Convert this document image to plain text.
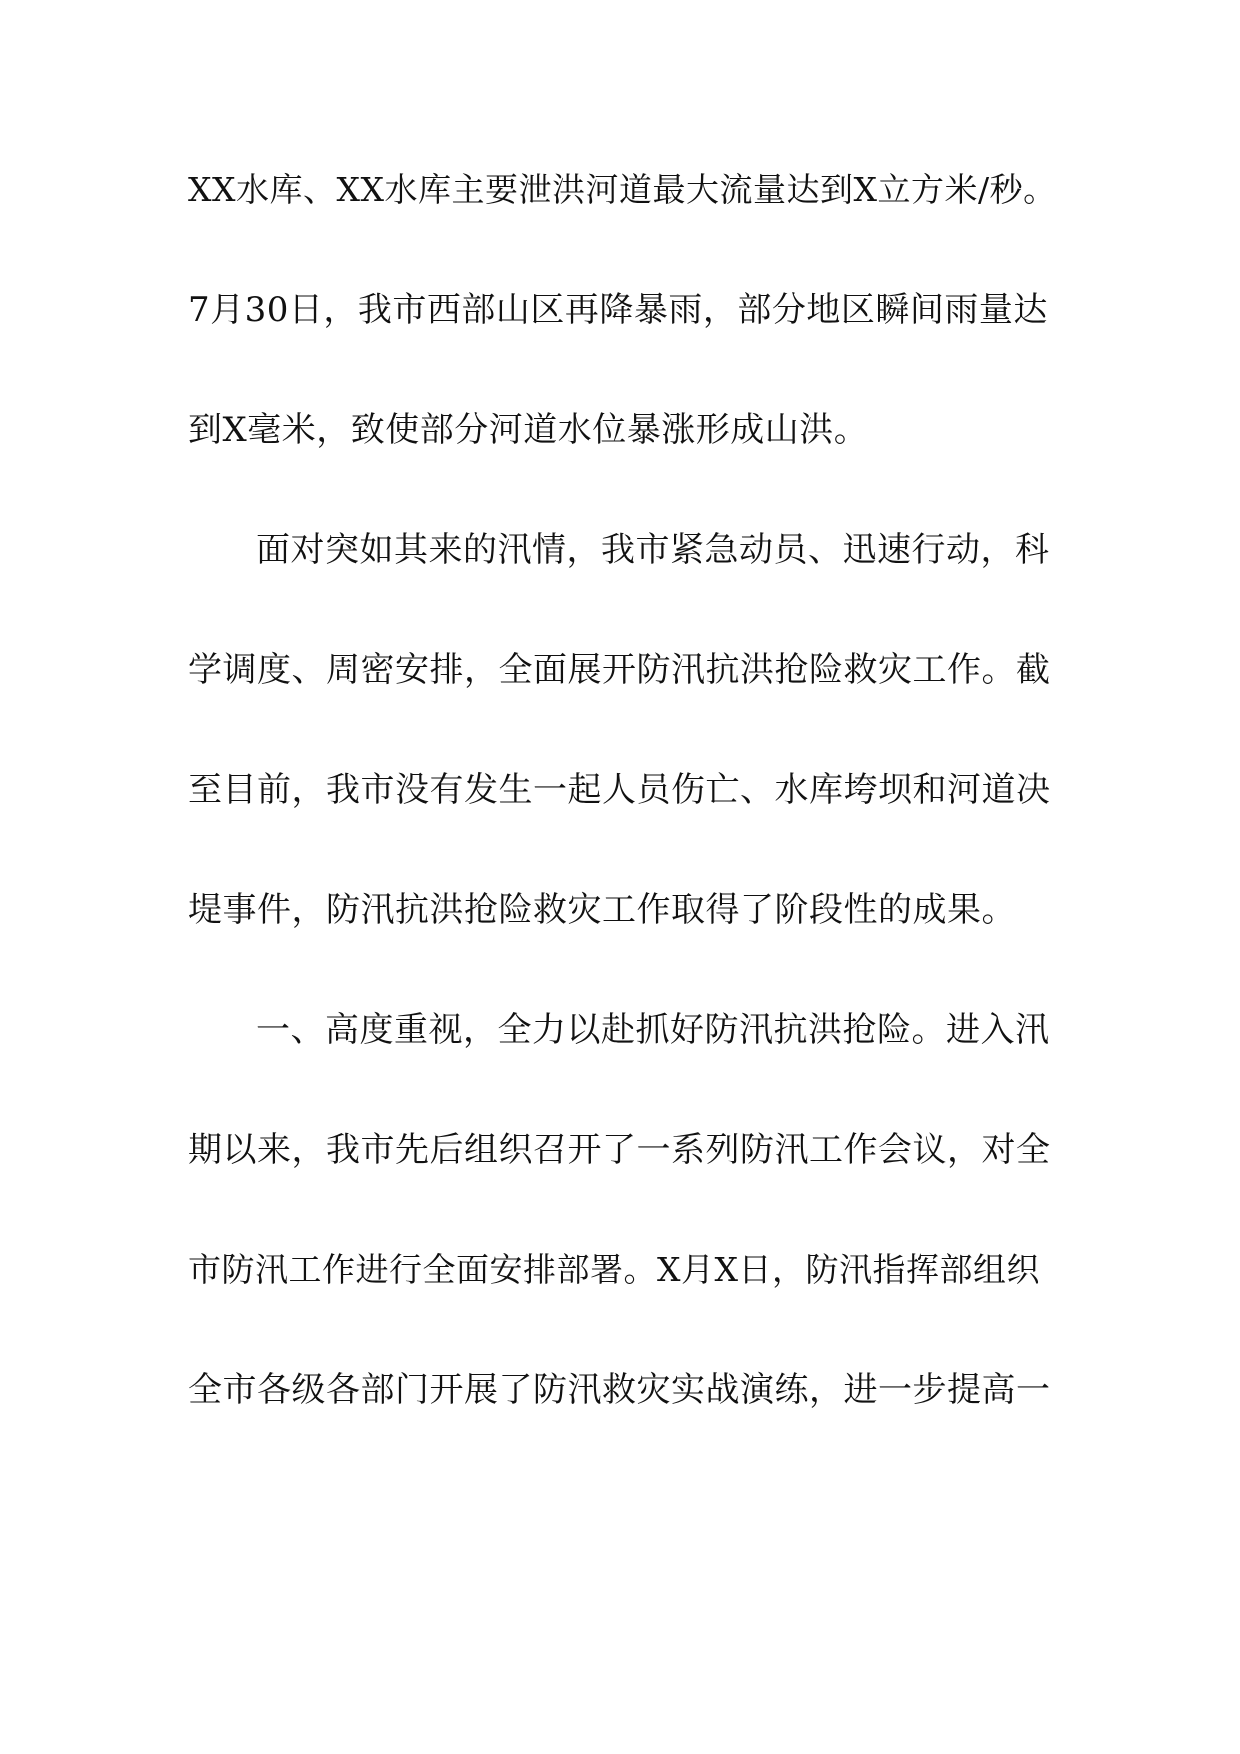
XX水库、XX水库主要泄洪河道最大流量达到X立方米/秒。
7月30日，我市西部山区再降暴雨，部分地区瞬间雨量达
到X毫米，致使部分河道水位暴涨形成山洪。
面对突如其来的汛情，我市紧急动员、迅速行动，科
学调度、周密安排，全面展开防汛抗洪抢险救灾工作。截
至目前，我市没有发生一起人员伤亡、水库垮坝和河道决
堤事件，防汛抗洪抢险救灾工作取得了阶段性的成果。
一、高度重视，全力以赴抓好防汛抗洪抢险。进入汛
期以来，我市先后组织召开了一系列防汛工作会议，对全
市防汛工作进行全面安排部署。X月X日，防汛指挥部组织
全市各级各部门开展了防汛救灾实战演练，进一步提高一
